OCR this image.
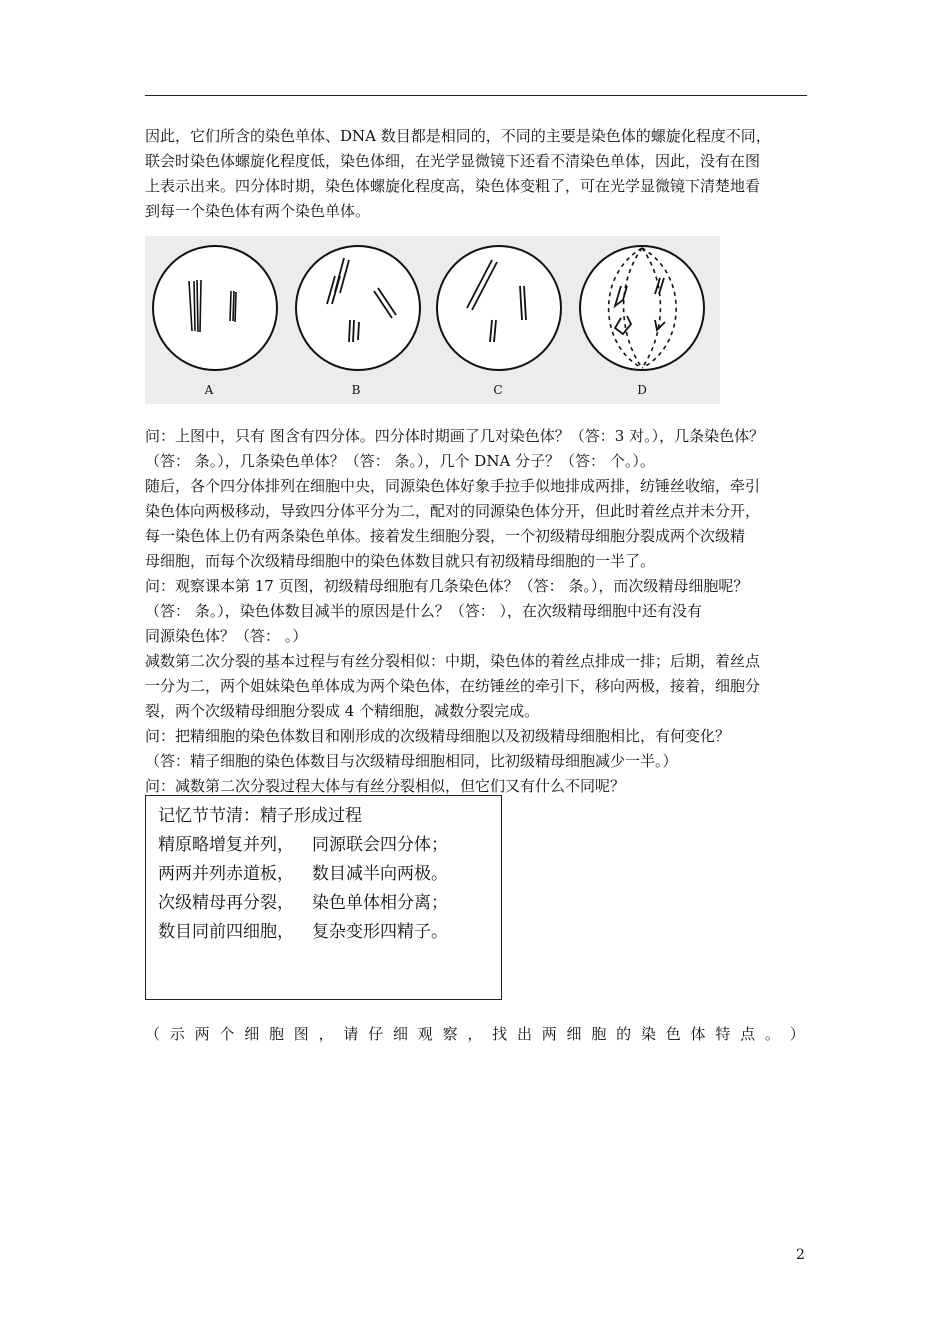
因此，它们所含的染色单体、DNA 数目都是相同的，不同的主要是染色体的螺旋化程度不同，

联会时染色体螺旋化程度低，染色体细，在光学显微镜下还看不清染色单体，因此，没有在图

上表示出来。四分体时期，染色体螺旋化程度高，染色体变粗了，可在光学显微镜下清楚地看

到每一个染色体有两个染色单体。

A	B	C	D

问：上图中，只有 图含有四分体。四分体时期画了几对染色体？（答：3 对。），几条染色体？

（答： 条。），几条染色单体？（答： 条。），几个 DNA 分子？（答： 个。）。

随后，各个四分体排列在细胞中央，同源染色体好象手拉手似地排成两排，纺锤丝收缩，牵引

染色体向两极移动，导致四分体平分为二，配对的同源染色体分开，但此时着丝点并未分开，

每一染色体上仍有两条染色单体。接着发生细胞分裂，一个初级精母细胞分裂成两个次级精

母细胞，而每个次级精母细胞中的染色体数目就只有初级精母细胞的一半了。

问：观察课本第 17 页图，初级精母细胞有几条染色体？（答： 条。），而次级精母细胞呢？

（答： 条。），染色体数目减半的原因是什么？（答： ），在次级精母细胞中还有没有

同源染色体？（答： 。）

减数第二次分裂的基本过程与有丝分裂相似：中期，染色体的着丝点排成一排；后期，着丝点

一分为二，两个姐妹染色单体成为两个染色体，在纺锤丝的牵引下，移向两极，接着，细胞分

裂，两个次级精母细胞分裂成 4 个精细胞，减数分裂完成。

问：把精细胞的染色体数目和刚形成的次级精母细胞以及初级精母细胞相比，有何变化？

（答：精子细胞的染色体数目与次级精母细胞相同，比初级精母细胞减少一半。）

问：减数第二次分裂过程大体与有丝分裂相似，但它们又有什么不同呢？

记忆节节清：精子形成过程

精原略增复并列， 同源联会四分体；

两两并列赤道板， 数目减半向两极。

次级精母再分裂， 染色单体相分离；

数目同前四细胞， 复杂变形四精子。

（ 示 两 个 细 胞 图 ， 请 仔 细 观 察 ， 找 出 两 细 胞 的 染 色 体 特 点 。 ）
2
